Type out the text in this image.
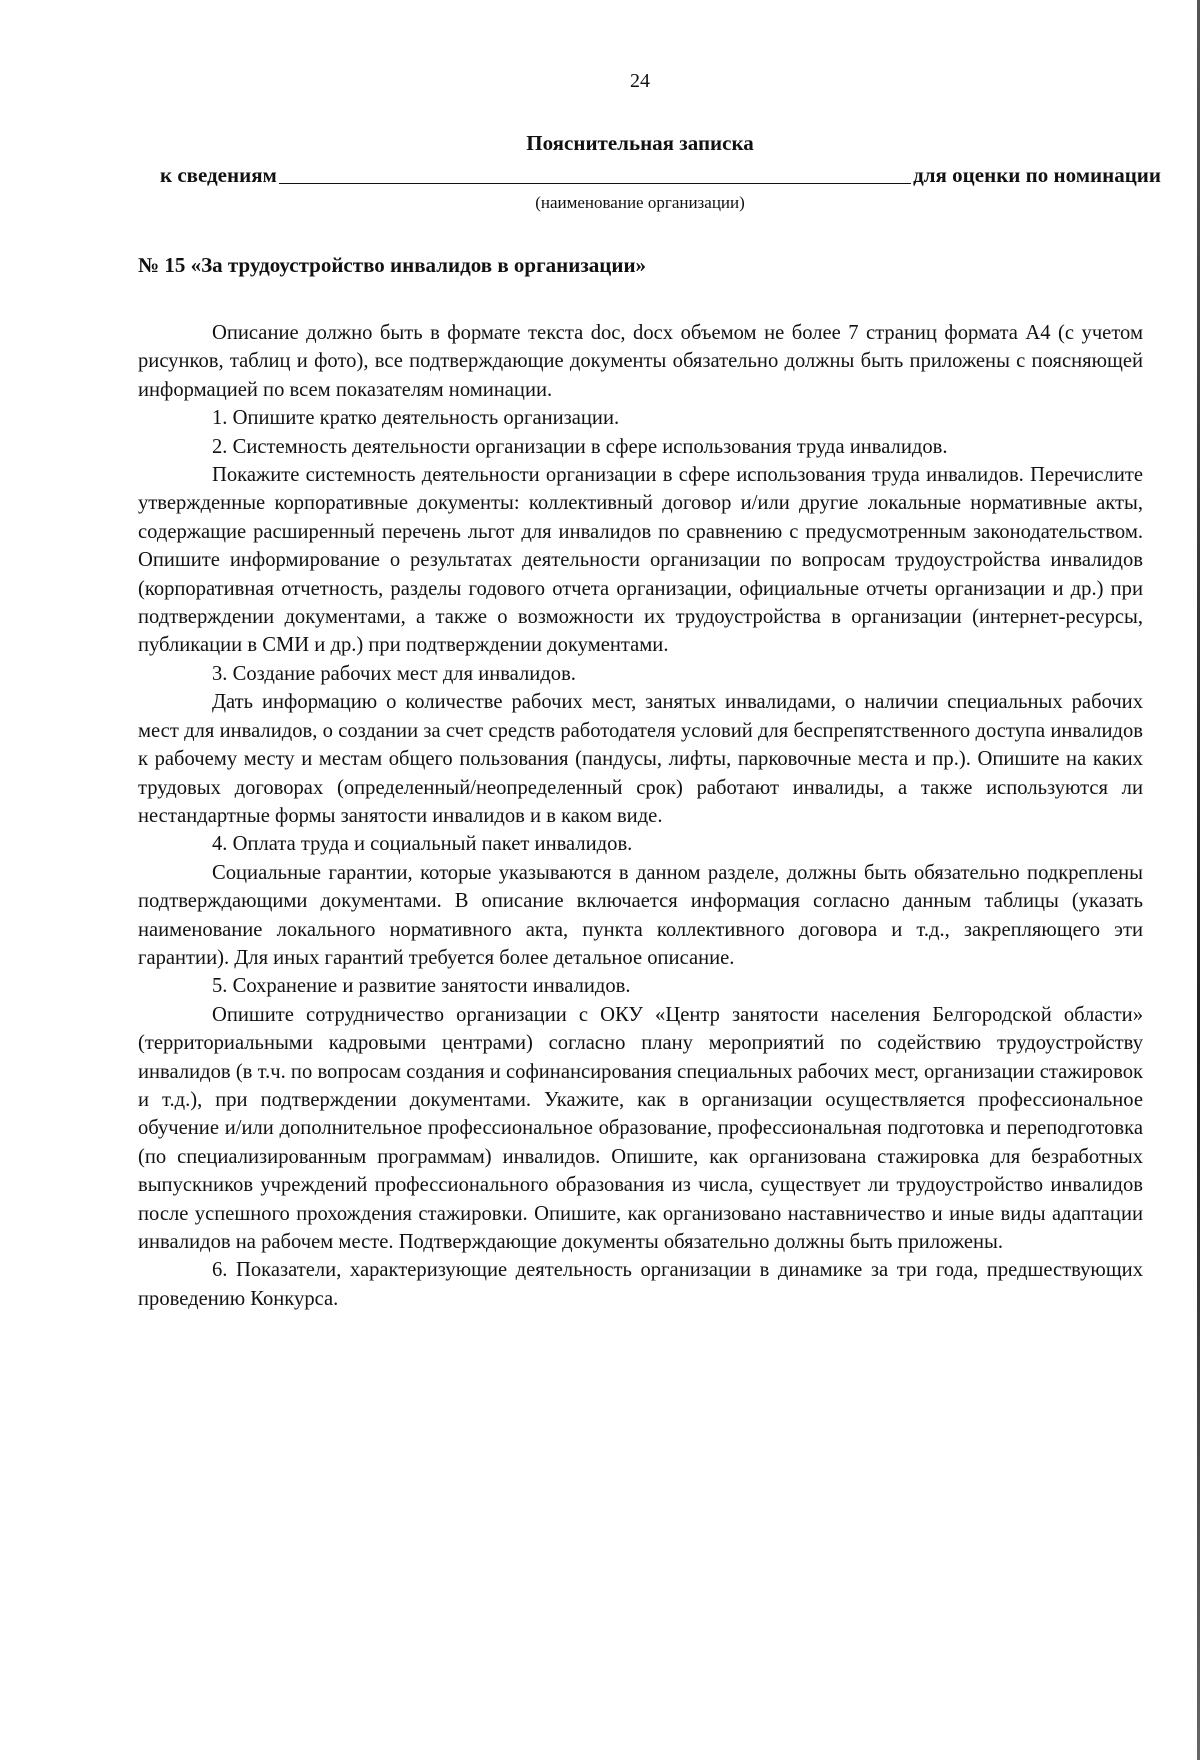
24
Пояснительная записка
к сведениям	для оценки по номинации
(наименование организации)
№ 15 «За трудоустройство инвалидов в организации»

Описание должно быть в формате текста doc, docx объемом не более 7 страниц формата А4 (с учетом рисунков, таблиц и фото), все подтверждающие документы обязательно должны быть приложены с поясняющей информацией по всем показателям номинации.

1. Опишите кратко деятельность организации.

2. Системность деятельности организации в сфере использования труда инвалидов.

Покажите системность деятельности организации в сфере использования труда инвалидов. Перечислите утвержденные корпоративные документы: коллективный договор и/или другие локальные нормативные акты, содержащие расширенный перечень льгот для инвалидов по сравнению с предусмотренным законодательством. Опишите информирование о результатах деятельности организации по вопросам трудоустройства инвалидов (корпоративная отчетность, разделы годового отчета организации, официальные отчеты организации и др.) при подтверждении документами, а также о возможности их трудоустройства в организации (интернет-ресурсы, публикации в СМИ и др.) при подтверждении документами.

3. Создание рабочих мест для инвалидов.

Дать информацию о количестве рабочих мест, занятых инвалидами, о наличии специальных рабочих мест для инвалидов, о создании за счет средств работодателя условий для беспрепятственного доступа инвалидов к рабочему месту и местам общего пользования (пандусы, лифты, парковочные места и пр.). Опишите на каких трудовых договорах (определенный/неопределенный срок) работают инвалиды, а также используются ли нестандартные формы занятости инвалидов и в каком виде.

4. Оплата труда и социальный пакет инвалидов.

Социальные гарантии, которые указываются в данном разделе, должны быть обязательно подкреплены подтверждающими документами. В описание включается информация согласно данным таблицы (указать наименование локального нормативного акта, пункта коллективного договора и т.д., закрепляющего эти гарантии). Для иных гарантий требуется более детальное описание.

5. Сохранение и развитие занятости инвалидов.

Опишите сотрудничество организации с ОКУ «Центр занятости населения Белгородской области» (территориальными кадровыми центрами) согласно плану мероприятий по содействию трудоустройству инвалидов (в т.ч. по вопросам создания и софинансирования специальных рабочих мест, организации стажировок и т.д.), при подтверждении документами. Укажите, как в организации осуществляется профессиональное обучение и/или дополнительное профессиональное образование, профессиональная подготовка и переподготовка (по специализированным программам) инвалидов. Опишите, как организована стажировка для безработных выпускников учреждений профессионального образования из числа, существует ли трудоустройство инвалидов после успешного прохождения стажировки. Опишите, как организовано наставничество и иные виды адаптации инвалидов на рабочем месте. Подтверждающие документы обязательно должны быть приложены.

6. Показатели, характеризующие деятельность организации в динамике за три года, предшествующих проведению Конкурса.
